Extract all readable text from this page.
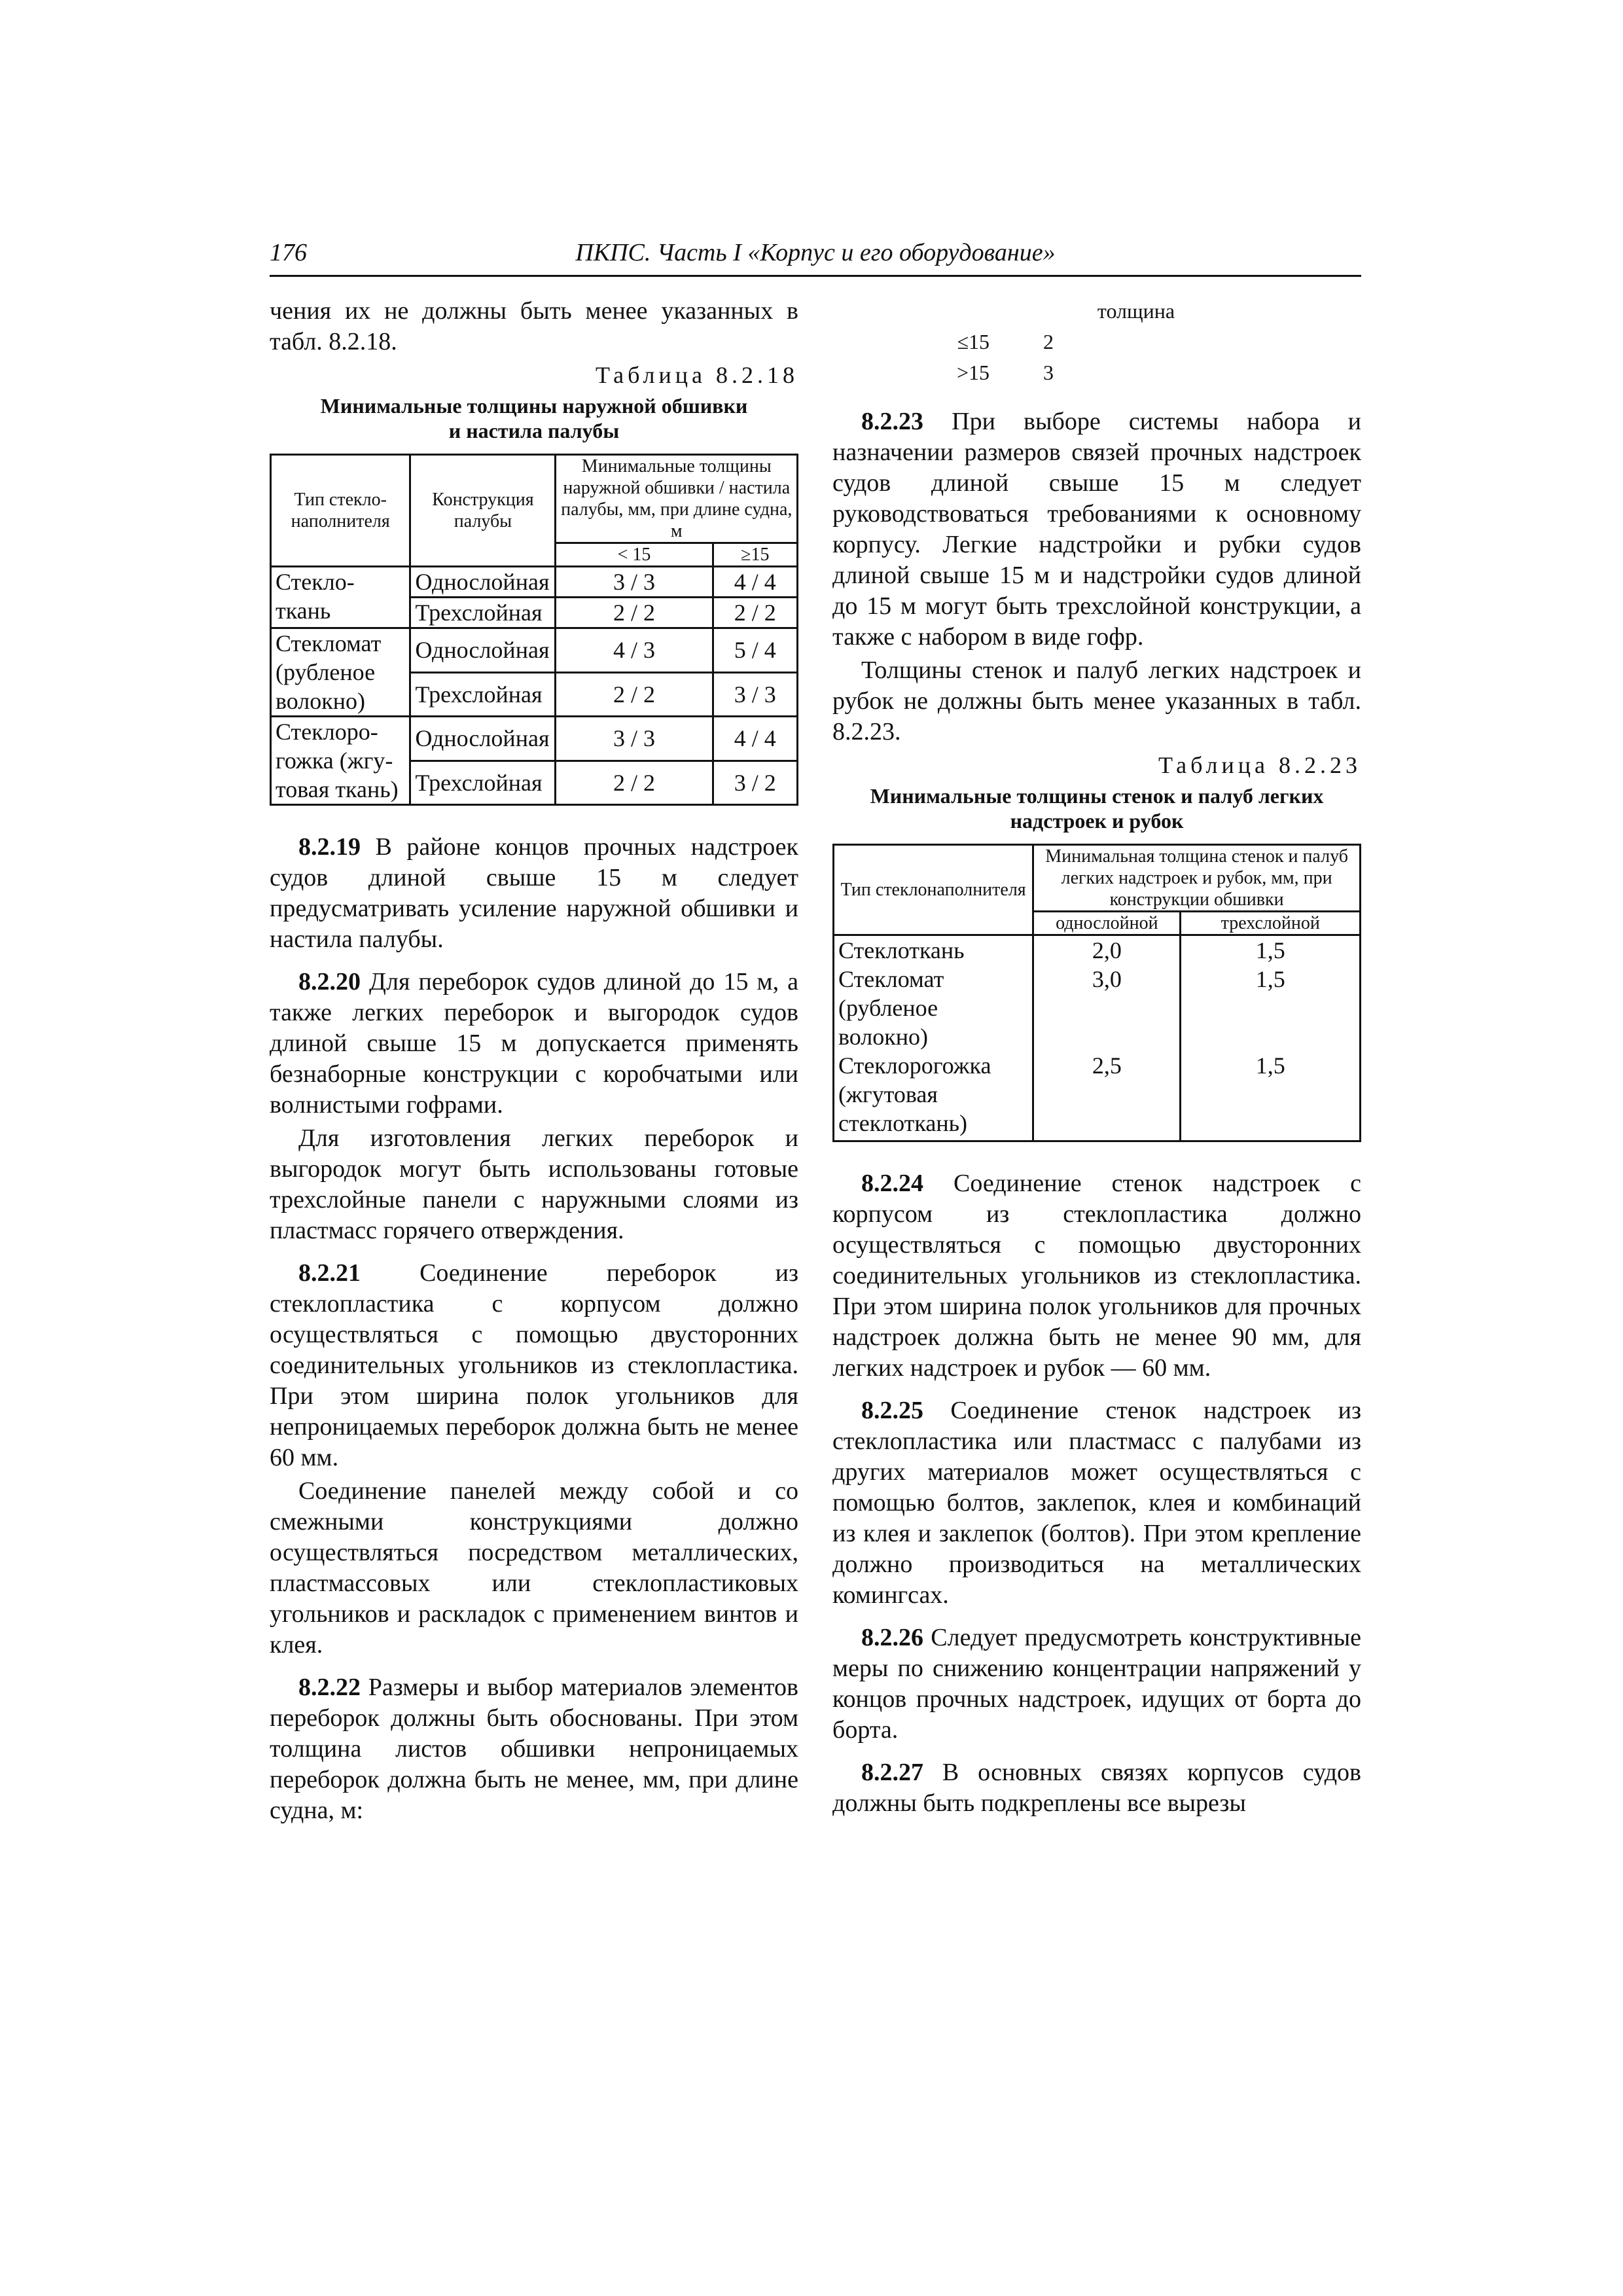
176	ПКПС. Часть I «Корпус и его оборудование»

чения их не должны быть менее указанных в табл. 8.2.18.

Таблица 8.2.18
Минимальные толщины наружной обшивки
и настила палубы
Тип стекло-наполнителя	Конструкция палубы	Минимальные толщины наружной обшивки / настила палубы, мм, при длине судна, м	
		< 15	≥15
Стекло-ткань	Однослойная	3 / 3	4 / 4
	Трехслойная	2 / 2	2 / 2
Стекломат (рубленое волокно)	Однослойная	4 / 3	5 / 4
	Трехслойная	2 / 2	3 / 3
Стеклоро-гожка (жгу-товая ткань)	Однослойная	3 / 3	4 / 4
	Трехслойная	2 / 2	3 / 2

8.2.19 В районе концов прочных надстроек судов длиной свыше 15 м следует предусматривать усиление наружной обшивки и настила палубы.

8.2.20 Для переборок судов длиной до 15 м, а также легких переборок и выгородок судов длиной свыше 15 м допускается применять безнаборные конструкции с коробчатыми или волнистыми гофрами.

Для изготовления легких переборок и выгородок могут быть использованы готовые трехслойные панели с наружными слоями из пластмасс горячего отверждения.

8.2.21 Соединение переборок из стеклопластика с корпусом должно осуществляться с помощью двусторонних соединительных угольников из стеклопластика. При этом ширина полок угольников для непроницаемых переборок должна быть не менее 60 мм.

Соединение панелей между собой и со смежными конструкциями должно осуществляться посредством металлических, пластмассовых или стеклопластиковых угольников и раскладок с применением винтов и клея.

8.2.22 Размеры и выбор материалов элементов переборок должны быть обоснованы. При этом толщина листов обшивки непроницаемых переборок должна быть не менее, мм, при длине судна, м:

толщина
≤15	2
>15	3

8.2.23 При выборе системы набора и назначении размеров связей прочных надстроек судов длиной свыше 15 м следует руководствоваться требованиями к основному корпусу. Легкие надстройки и рубки судов длиной свыше 15 м и надстройки судов длиной до 15 м могут быть трехслойной конструкции, а также с набором в виде гофр.

Толщины стенок и палуб легких надстроек и рубок не должны быть менее указанных в табл. 8.2.23.

Таблица 8.2.23
Минимальные толщины стенок и палуб легких
надстроек и рубок
Тип стеклонаполнителя	Минимальная толщина стенок и палуб легких надстроек и рубок, мм, при конструкции обшивки	
	однослойной	трехслойной
Стеклоткань	2,0	1,5
Стекломат (рубленое волокно)	3,0	1,5
Стеклорогожка (жгутовая стеклоткань)	2,5	1,5

8.2.24 Соединение стенок надстроек с корпусом из стеклопластика должно осуществляться с помощью двусторонних соединительных угольников из стеклопластика. При этом ширина полок угольников для прочных надстроек должна быть не менее 90 мм, для легких надстроек и рубок — 60 мм.

8.2.25 Соединение стенок надстроек из стеклопластика или пластмасс с палубами из других материалов может осуществляться с помощью болтов, заклепок, клея и комбинаций из клея и заклепок (болтов). При этом крепление должно производиться на металлических комингсах.

8.2.26 Следует предусмотреть конструктивные меры по снижению концентрации напряжений у концов прочных надстроек, идущих от борта до борта.

8.2.27 В основных связях корпусов судов должны быть подкреплены все вырезы
